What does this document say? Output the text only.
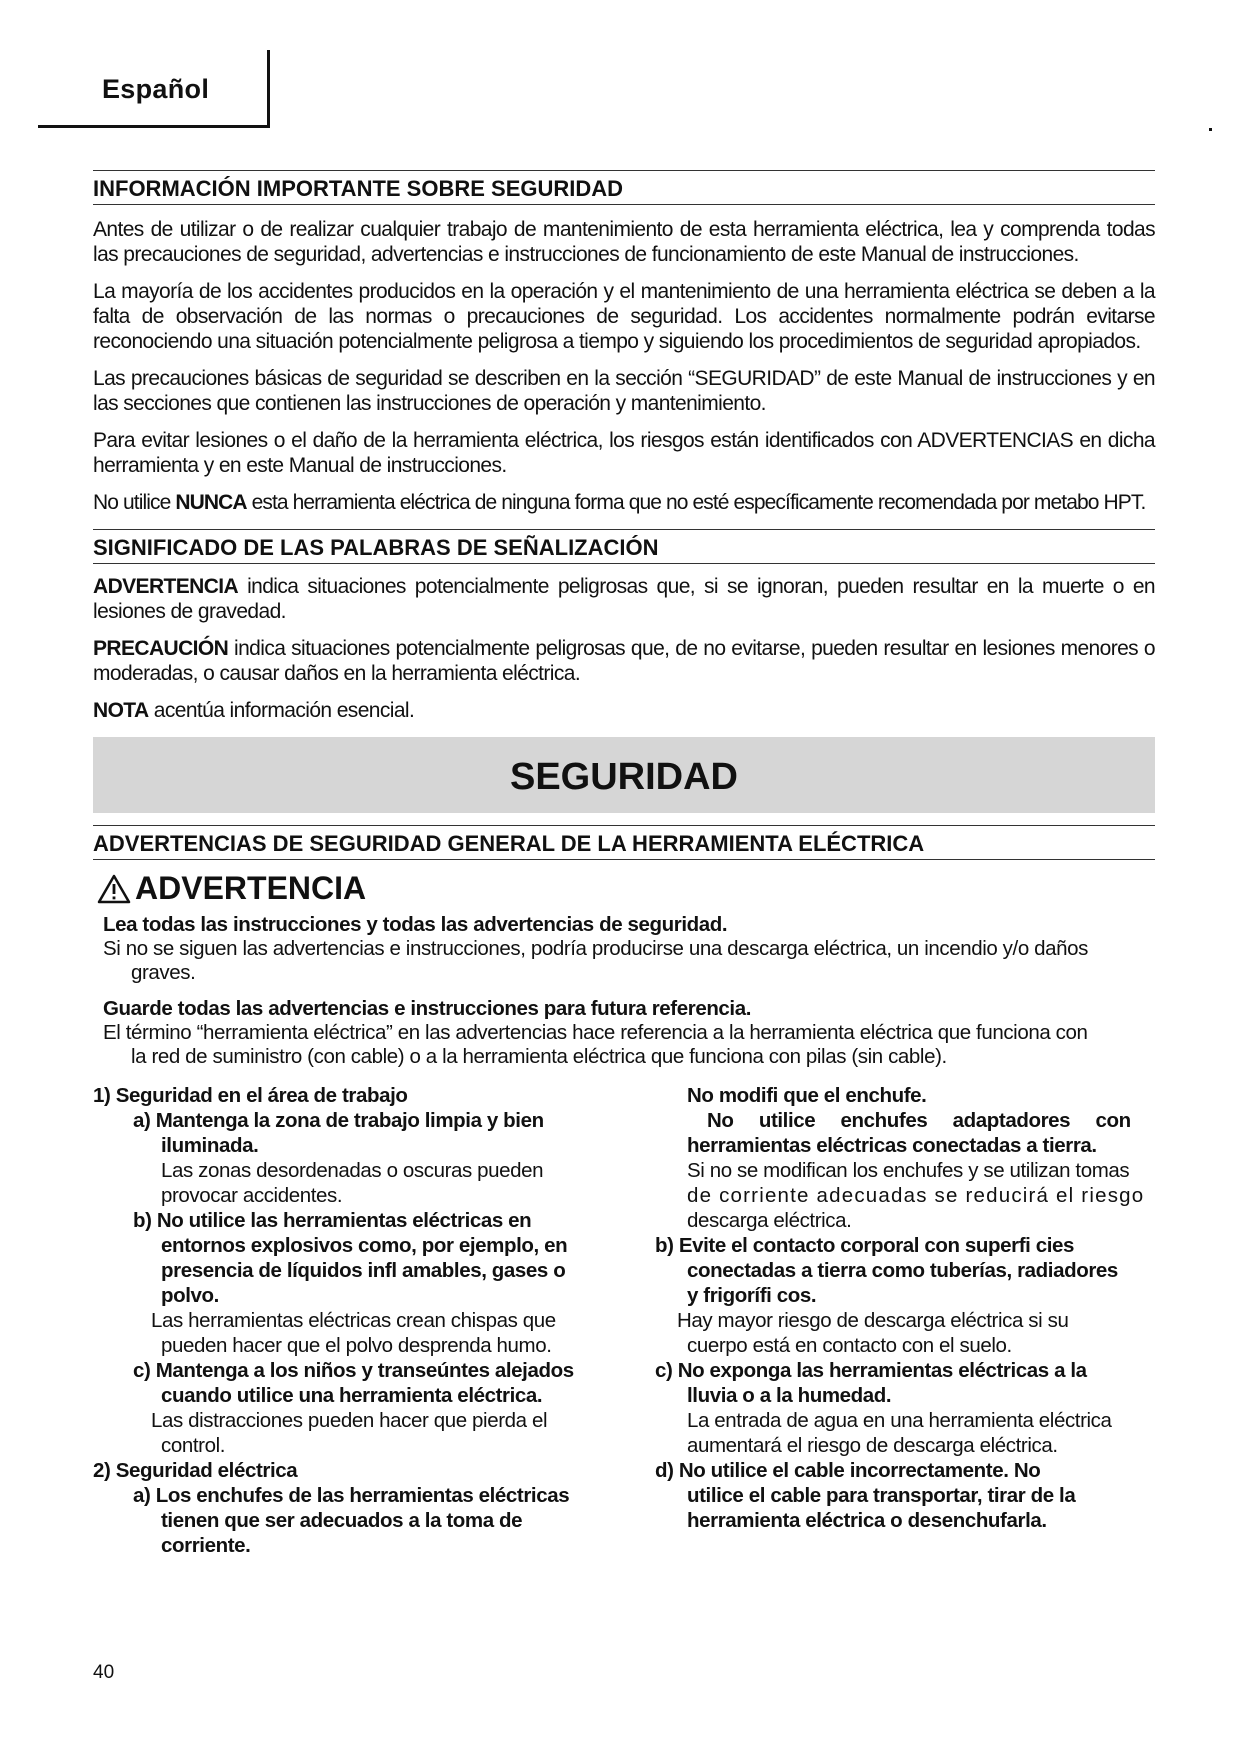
Español
INFORMACIÓN IMPORTANTE SOBRE SEGURIDAD

Antes de utilizar o de realizar cualquier trabajo de mantenimiento de esta herramienta eléctrica, lea y comprenda todas las precauciones de seguridad, advertencias e instrucciones de funcionamiento de este Manual de instrucciones.

La mayoría de los accidentes producidos en la operación y el mantenimiento de una herramienta eléctrica se deben a la falta de observación de las normas o precauciones de seguridad. Los accidentes normalmente podrán evitarse reconociendo una situación potencialmente peligrosa a tiempo y siguiendo los procedimientos de seguridad apropiados.

Las precauciones básicas de seguridad se describen en la sección “SEGURIDAD” de este Manual de instrucciones y en las secciones que contienen las instrucciones de operación y mantenimiento.

Para evitar lesiones o el daño de la herramienta eléctrica, los riesgos están identificados con ADVERTENCIAS en dicha herramienta y en este Manual de instrucciones.

No utilice NUNCA esta herramienta eléctrica de ninguna forma que no esté específicamente recomendada por metabo HPT.

SIGNIFICADO DE LAS PALABRAS DE SEÑALIZACIÓN

ADVERTENCIA indica situaciones potencialmente peligrosas que, si se ignoran, pueden resultar en la muerte o en lesiones de gravedad.

PRECAUCIÓN indica situaciones potencialmente peligrosas que, de no evitarse, pueden resultar en lesiones menores o moderadas, o causar daños en la herramienta eléctrica.

NOTA acentúa información esencial.

SEGURIDAD
ADVERTENCIAS DE SEGURIDAD GENERAL DE LA HERRAMIENTA ELÉCTRICA
ADVERTENCIA
Lea todas las instrucciones y todas las advertencias de seguridad.
Si no se siguen las advertencias e instrucciones, podría producirse una descarga eléctrica, un incendio y/o daños
graves.
Guarde todas las advertencias e instrucciones para futura referencia.
El término “herramienta eléctrica” en las advertencias hace referencia a la herramienta eléctrica que funciona con
la red de suministro (con cable) o a la herramienta eléctrica que funciona con pilas (sin cable).
1) Seguridad en el área de trabajo
a) Mantenga la zona de trabajo limpia y bien
iluminada.
Las zonas desordenadas o oscuras pueden
provocar accidentes.
b) No utilice las herramientas eléctricas en
entornos explosivos como, por ejemplo, en
presencia de líquidos infl amables, gases o
polvo.
Las herramientas eléctricas crean chispas que
pueden hacer que el polvo desprenda humo.
c) Mantenga a los niños y transeúntes alejados
cuando utilice una herramienta eléctrica.
Las distracciones pueden hacer que pierda el
control.
2) Seguridad eléctrica
a) Los enchufes de las herramientas eléctricas
tienen que ser adecuados a la toma de
corriente.
No modifi que el enchufe.
No utilice enchufes adaptadores con
herramientas eléctricas conectadas a tierra.
Si no se modifican los enchufes y se utilizan tomas
de corriente adecuadas se reducirá el riesgo
descarga eléctrica.
b) Evite el contacto corporal con superfi cies
conectadas a tierra como tuberías, radiadores
y frigorífi cos.
Hay mayor riesgo de descarga eléctrica si su
cuerpo está en contacto con el suelo.
c) No exponga las herramientas eléctricas a la
lluvia o a la humedad.
La entrada de agua en una herramienta eléctrica
aumentará el riesgo de descarga eléctrica.
d) No utilice el cable incorrectamente. No
utilice el cable para transportar, tirar de la
herramienta eléctrica o desenchufarla.
40
